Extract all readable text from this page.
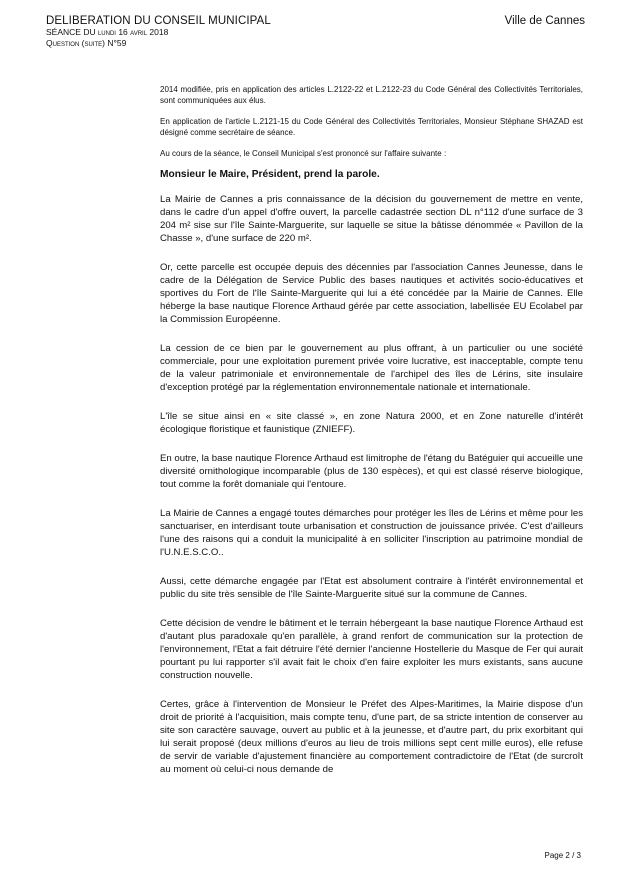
DELIBERATION DU CONSEIL MUNICIPAL
SÉANCE DU lundi 16 avril 2018
Question (suite) N°59
Ville de Cannes

2014 modifiée, pris en application des articles L.2122-22 et L.2122-23 du Code Général des Collectivités Territoriales, sont communiquées aux élus.

En application de l'article L.2121-15 du Code Général des Collectivités Territoriales, Monsieur Stéphane SHAZAD est désigné comme secrétaire de séance.

Au cours de la séance, le Conseil Municipal s'est prononcé sur l'affaire suivante :

Monsieur le Maire, Président, prend la parole.

La Mairie de Cannes a pris connaissance de la décision du gouvernement de mettre en vente, dans le cadre d'un appel d'offre ouvert, la parcelle cadastrée section DL n°112 d'une surface de 3 204 m² sise sur l'île Sainte-Marguerite, sur laquelle se situe la bâtisse dénommée « Pavillon de la Chasse », d'une surface de 220 m².

Or, cette parcelle est occupée depuis des décennies par l'association Cannes Jeunesse, dans le cadre de la Délégation de Service Public des bases nautiques et activités socio-éducatives et sportives du Fort de l'île Sainte-Marguerite qui lui a été concédée par la Mairie de Cannes. Elle héberge la base nautique Florence Arthaud gérée par cette association, labellisée EU Ecolabel par la Commission Européenne.

La cession de ce bien par le gouvernement au plus offrant, à un particulier ou une société commerciale, pour une exploitation purement privée voire lucrative, est inacceptable, compte tenu de la valeur patrimoniale et environnementale de l'archipel des îles de Lérins, site insulaire d'exception protégé par la réglementation environnementale nationale et internationale.

L'île se situe ainsi en « site classé », en zone Natura 2000, et en Zone naturelle d'intérêt écologique floristique et faunistique (ZNIEFF).

En outre, la base nautique Florence Arthaud est limitrophe de l'étang du Batéguier qui accueille une diversité ornithologique incomparable (plus de 130 espèces), et qui est classé réserve biologique, tout comme la forêt domaniale qui l'entoure.

La Mairie de Cannes a engagé toutes démarches pour protéger les îles de Lérins et même pour les sanctuariser, en interdisant toute urbanisation et construction de jouissance privée. C'est d'ailleurs l'une des raisons qui a conduit la municipalité à en solliciter l'inscription au patrimoine mondial de l'U.N.E.S.C.O..

Aussi, cette démarche engagée par l'Etat est absolument contraire à l'intérêt environnemental et public du site très sensible de l'île Sainte-Marguerite situé sur la commune de Cannes.

Cette décision de vendre le bâtiment et le terrain hébergeant la base nautique Florence Arthaud est d'autant plus paradoxale qu'en parallèle, à grand renfort de communication sur la protection de l'environnement, l'Etat a fait détruire l'été dernier l'ancienne Hostellerie du Masque de Fer qui aurait pourtant pu lui rapporter s'il avait fait le choix d'en faire exploiter les murs existants, sans aucune construction nouvelle.

Certes, grâce à l'intervention de Monsieur le Préfet des Alpes-Maritimes, la Mairie dispose d'un droit de priorité à l'acquisition, mais compte tenu, d'une part, de sa stricte intention de conserver au site son caractère sauvage, ouvert au public et à la jeunesse, et d'autre part, du prix exorbitant qui lui serait proposé (deux millions d'euros au lieu de trois millions sept cent mille euros), elle refuse de servir de variable d'ajustement financière au comportement contradictoire de l'Etat (de surcroît au moment où celui-ci nous demande de

Page 2 / 3
